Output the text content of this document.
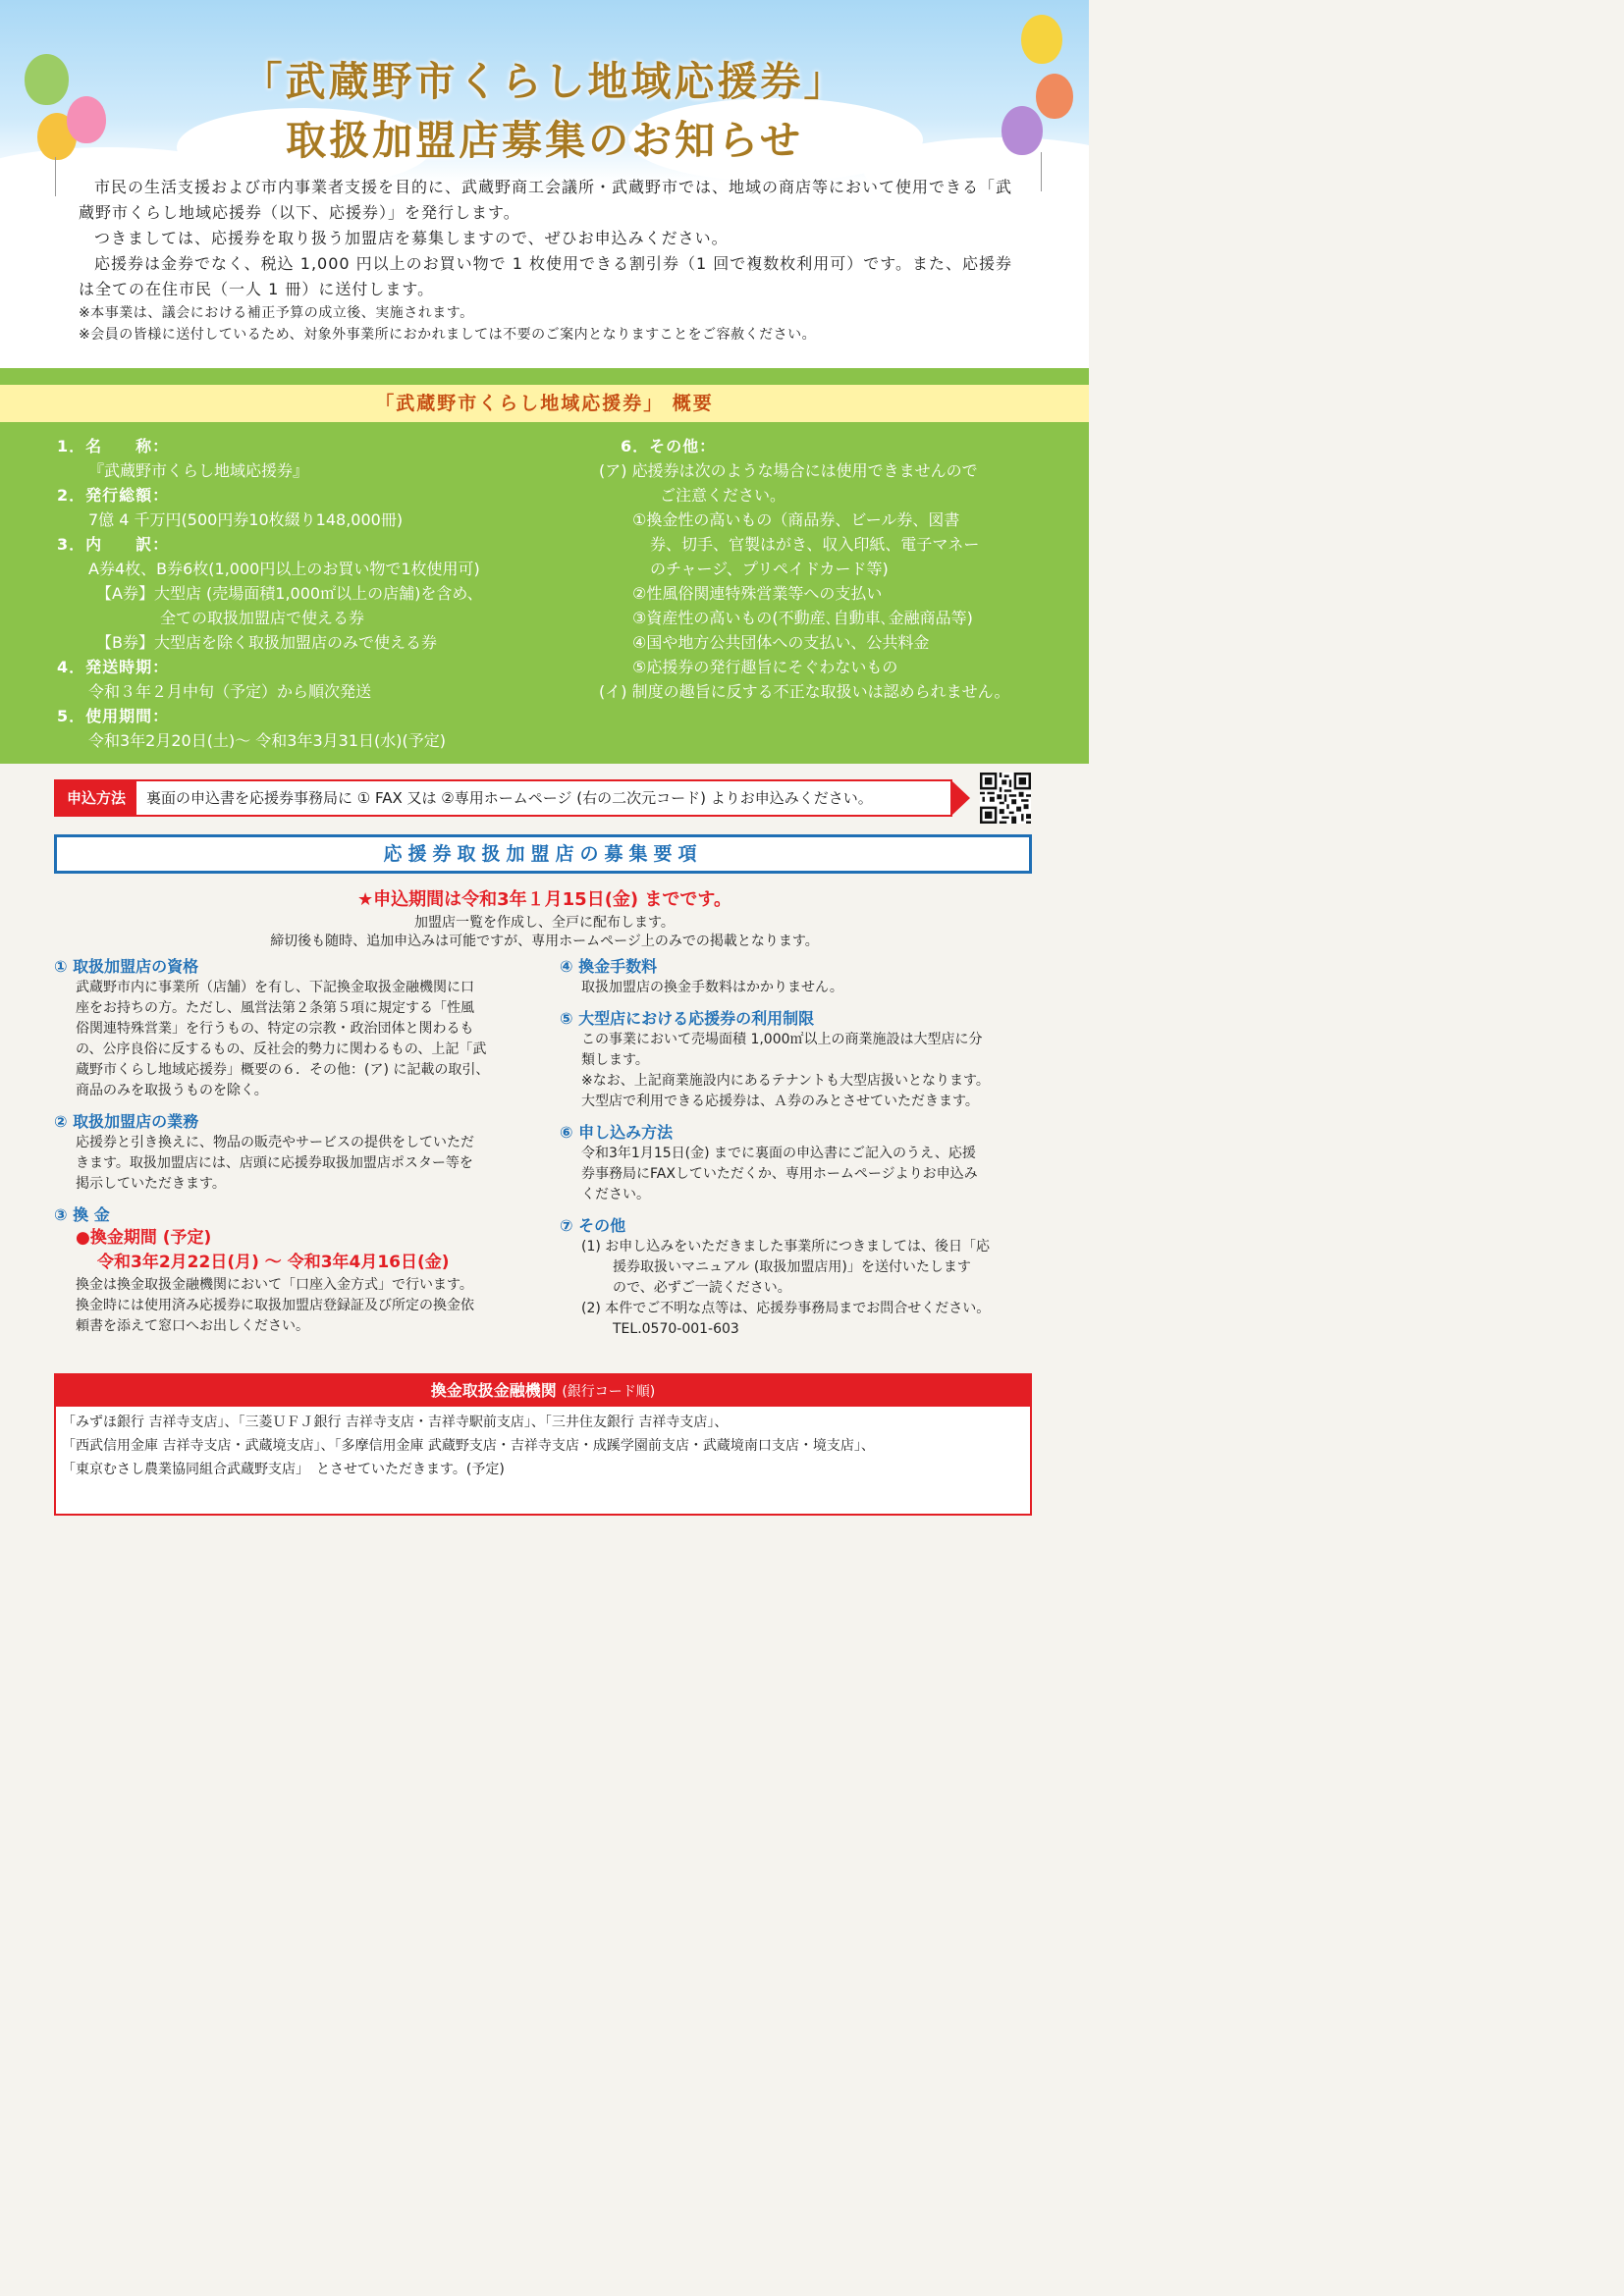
「武蔵野市くらし地域応援券」
取扱加盟店募集のお知らせ

市民の生活支援および市内事業者支援を目的に、武蔵野商工会議所・武蔵野市では、地域の商店等において使用できる「武蔵野市くらし地域応援券（以下、応援券）」を発行します。

つきましては、応援券を取り扱う加盟店を募集しますので、ぜひお申込みください。

応援券は金券でなく、税込 1,000 円以上のお買い物で 1 枚使用できる割引券（1 回で複数枚利用可）です。また、応援券は全ての在住市民（一人 1 冊）に送付します。

※本事業は、議会における補正予算の成立後、実施されます。

※会員の皆様に送付しているため、対象外事業所におかれましては不要のご案内となりますことをご容赦ください。

「武蔵野市くらし地域応援券」 概要
1．名　　称：
『武蔵野市くらし地域応援券』
2．発行総額：
7億 4 千万円(500円券10枚綴り148,000冊)
3．内　　訳：
A券4枚、B券6枚(1,000円以上のお買い物で1枚使用可)
【A券】大型店 (売場面積1,000㎡以上の店舗)を含め、
全ての取扱加盟店で使える券
【B券】大型店を除く取扱加盟店のみで使える券
4．発送時期：
令和３年２月中旬（予定）から順次発送
5．使用期間：
令和3年2月20日(土)～ 令和3年3月31日(水)(予定)
6．その他：
(ア) 応援券は次のような場合には使用できませんので
ご注意ください。
①換金性の高いもの（商品券、ビール券、図書
券、切手、官製はがき、収入印紙、電子マネー
のチャージ、プリペイドカード等)
②性風俗関連特殊営業等への支払い
③資産性の高いもの(不動産､自動車､金融商品等)
④国や地方公共団体への支払い、公共料金
⑤応援券の発行趣旨にそぐわないもの
(イ) 制度の趣旨に反する不正な取扱いは認められません。
申込方法	裏面の申込書を応援券事務局に ① FAX 又は ②専用ホームページ (右の二次元コード) よりお申込みください。
応援券取扱加盟店の募集要項
★申込期間は令和3年１月15日(金) までです。
加盟店一覧を作成し、全戸に配布します。
締切後も随時、追加申込みは可能ですが、専用ホームページ上のみでの掲載となります。
① 取扱加盟店の資格
武蔵野市内に事業所（店舗）を有し、下記換金取扱金融機関に口
座をお持ちの方。ただし、風営法第２条第５項に規定する「性風
俗関連特殊営業」を行うもの、特定の宗教・政治団体と関わるも
の、公序良俗に反するもの、反社会的勢力に関わるもの、上記「武
蔵野市くらし地域応援券」概要の６．その他：(ア) に記載の取引、
商品のみを取扱うものを除く。
② 取扱加盟店の業務
応援券と引き換えに、物品の販売やサービスの提供をしていただ
きます。取扱加盟店には、店頭に応援券取扱加盟店ポスター等を
掲示していただきます。
③ 換 金
●換金期間 (予定)
令和3年2月22日(月) ～ 令和3年4月16日(金)
換金は換金取扱金融機関において「口座入金方式」で行います。
換金時には使用済み応援券に取扱加盟店登録証及び所定の換金依
頼書を添えて窓口へお出しください。
④ 換金手数料
取扱加盟店の換金手数料はかかりません。
⑤ 大型店における応援券の利用制限
この事業において売場面積 1,000㎡以上の商業施設は大型店に分
類します。
※なお、上記商業施設内にあるテナントも大型店扱いとなります。
大型店で利用できる応援券は、Ａ券のみとさせていただきます。
⑥ 申し込み方法
令和3年1月15日(金) までに裏面の申込書にご記入のうえ、応援
券事務局にFAXしていただくか、専用ホームページよりお申込み
ください。
⑦ その他
(1) お申し込みをいただきました事業所につきましては、後日「応
援券取扱いマニュアル (取扱加盟店用)」を送付いたします
ので、必ずご一読ください。
(2) 本件でご不明な点等は、応援券事務局までお問合せください。
TEL.0570-001-603
換金取扱金融機関 (銀行コード順)
「みずほ銀行 吉祥寺支店」、「三菱ＵＦＪ銀行 吉祥寺支店・吉祥寺駅前支店」、「三井住友銀行 吉祥寺支店」、
「西武信用金庫 吉祥寺支店・武蔵境支店」、「多摩信用金庫 武蔵野支店・吉祥寺支店・成蹊学園前支店・武蔵境南口支店・境支店」、
「東京むさし農業協同組合武蔵野支店」　とさせていただきます。(予定)
